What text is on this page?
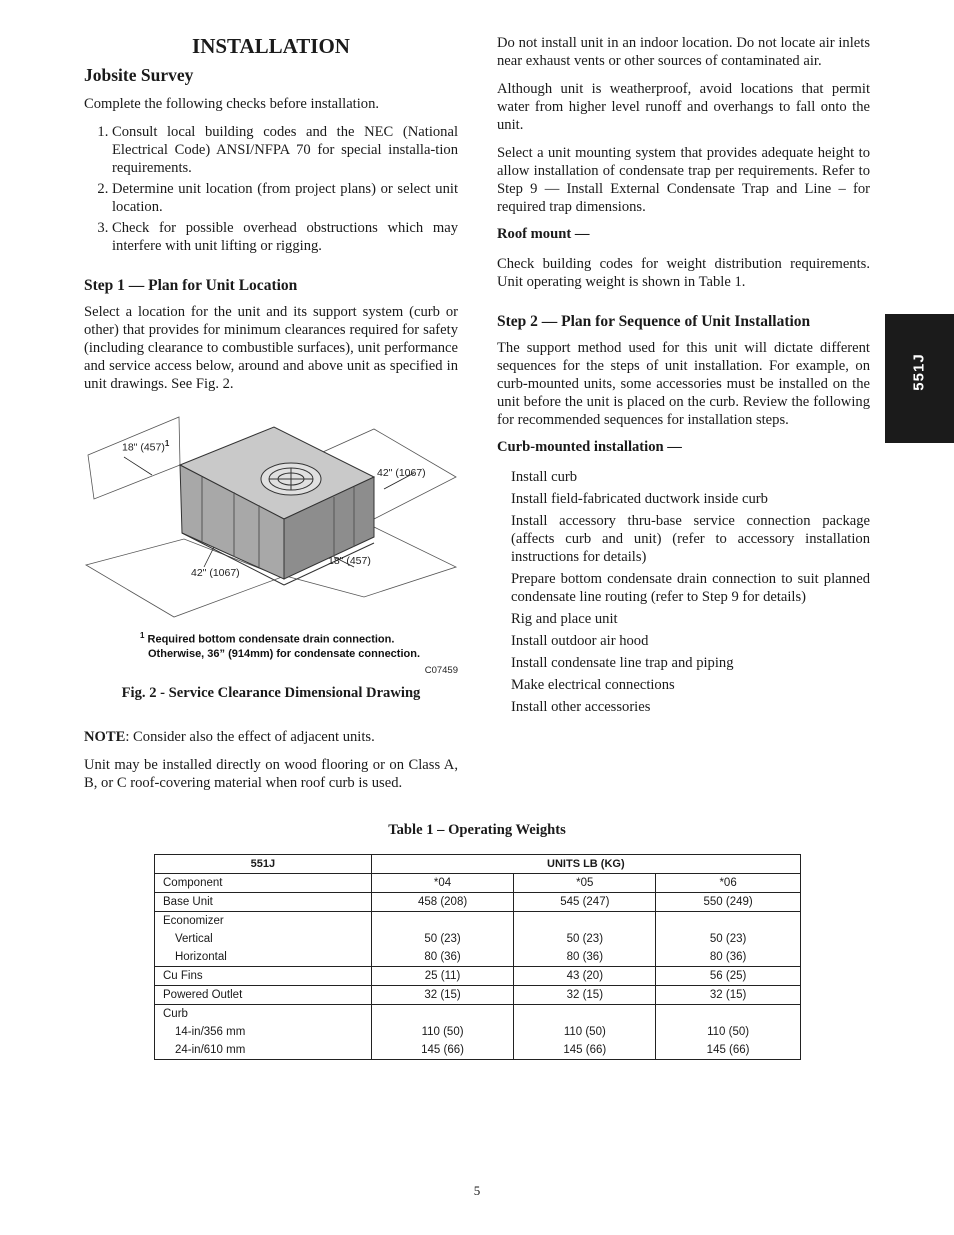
551J
INSTALLATION
Jobsite Survey

Complete the following checks before installation.

1. Consult local building codes and the NEC (National Electrical Code) ANSI/NFPA 70 for special installa-tion requirements.
2. Determine unit location (from project plans) or select unit location.
3. Check for possible overhead obstructions which may interfere with unit lifting or rigging.
Step 1 — Plan for Unit Location

Select a location for the unit and its support system (curb or other) that provides for minimum clearances required for safety (including clearance to combustible surfaces), unit performance and service access below, around and above unit as specified in unit drawings. See Fig. 2.

18" $(457)^1$
42" (1067)
42" (1067)
18" (457)
$^1$ Required bottom condensate drain connection.
Otherwise, 36” (914mm) for condensate connection.
C07459
Fig. 2 - Service Clearance Dimensional Drawing

NOTE: Consider also the effect of adjacent units.

Unit may be installed directly on wood flooring or on Class A, B, or C roof-covering material when roof curb is used.

Do not install unit in an indoor location. Do not locate air inlets near exhaust vents or other sources of contaminated air.

Although unit is weatherproof, avoid locations that permit water from higher level runoff and overhangs to fall onto the unit.

Select a unit mounting system that provides adequate height to allow installation of condensate trap per requirements. Refer to Step 9 — Install External Condensate Trap and Line – for required trap dimensions.

Roof mount —

Check building codes for weight distribution requirements. Unit operating weight is shown in Table 1.

Step 2 — Plan for Sequence of Unit Installation

The support method used for this unit will dictate different sequences for the steps of unit installation. For example, on curb-mounted units, some accessories must be installed on the unit before the unit is placed on the curb. Review the following for recommended sequences for installation steps.

Curb-mounted installation —
Install curb
Install field-fabricated ductwork inside curb
Install accessory thru-base service connection package (affects curb and unit) (refer to accessory installation instructions for details)
Prepare bottom condensate drain connection to suit planned condensate line routing (refer to Step 9 for details)
Rig and place unit
Install outdoor air hood
Install condensate line trap and piping
Make electrical connections
Install other accessories
Table 1 – Operating Weights
551J	UNITS LB (KG)		
Component	*04	*05	*06
Base Unit	458 (208)	545 (247)	550 (249)
Economizer			
Vertical	50 (23)	50 (23)	50 (23)
Horizontal	80 (36)	80 (36)	80 (36)
Cu Fins	25 (11)	43 (20)	56 (25)
Powered Outlet	32 (15)	32 (15)	32 (15)
Curb			
14-in/356 mm	110 (50)	110 (50)	110 (50)
24-in/610 mm	145 (66)	145 (66)	145 (66)
5
